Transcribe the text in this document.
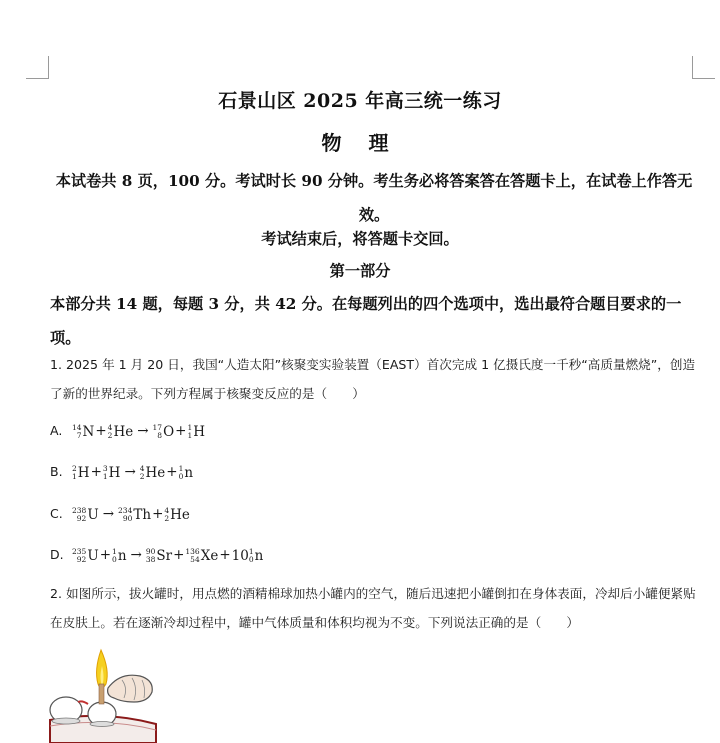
石景山区 2025 年高三统一练习
物 理
本试卷共 8 页，100 分。考试时长 90 分钟。考生务必将答案答在答题卡上，在试卷上作答无效。
考试结束后，将答题卡交回。
第一部分
本部分共 14 题，每题 3 分，共 42 分。在每题列出的四个选项中，选出最符合题目要求的一项。
1. 2025 年 1 月 20 日，我国“人造太阳”核聚变实验装置（EAST）首次完成 1 亿摄氏度一千秒“高质量燃烧”，创造了新的世界纪录。下列方程属于核聚变反应的是（　　）
A. 14
7 N + 4
2 He → 17
8 O + 1
1 H
B. 2
1 H + 3
1 H → 4
2 He + 1
0 n
C. 238
92 U → 234
90 Th + 4
2 He
D. 235
92 U + 1
0 n → 90
38 Sr + 136
54 Xe + 10 1
0 n
2. 如图所示，拔火罐时，用点燃的酒精棉球加热小罐内的空气，随后迅速把小罐倒扣在身体表面，冷却后小罐便紧贴在皮肤上。若在逐渐冷却过程中，罐中气体质量和体积均视为不变。下列说法正确的是（　　）
